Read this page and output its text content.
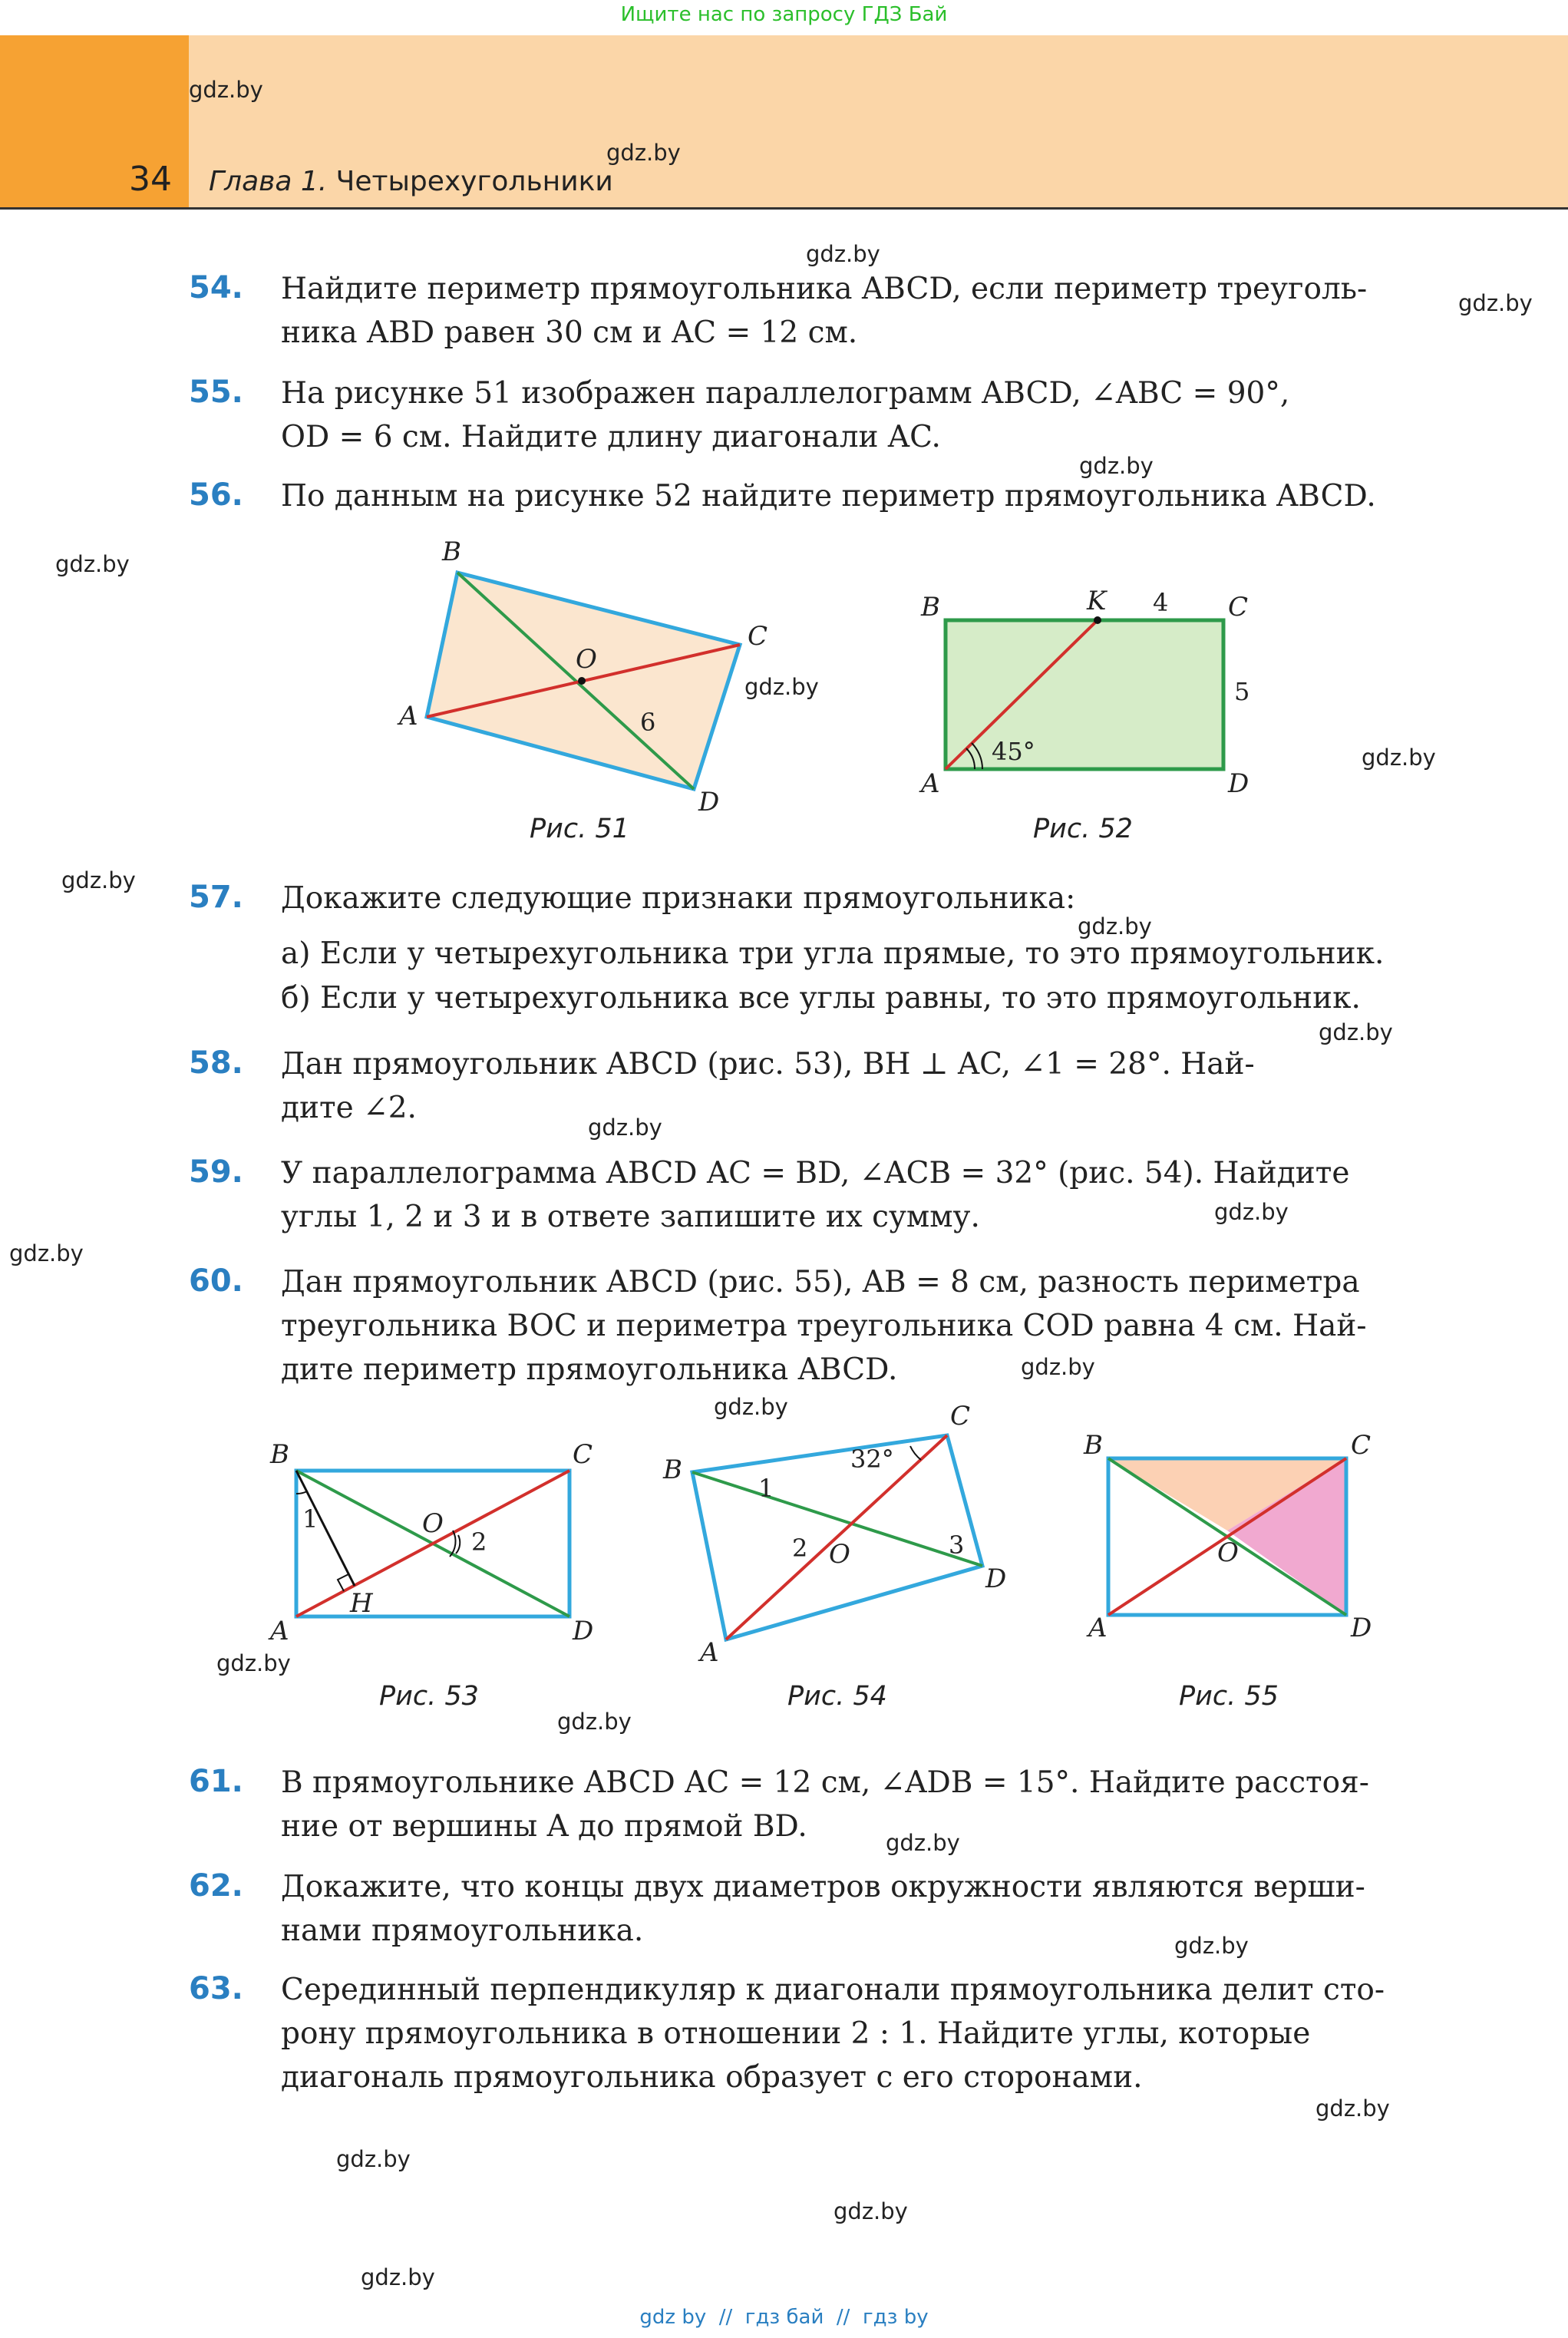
Ищите нас по запросу ГДЗ Бай
34 Глава 1. Четырехугольники
gdz.by
gdz.by
gdz.by
gdz.by
gdz.by
gdz.by
gdz.by
gdz.by
gdz.by
gdz.by
gdz.by
gdz.by
gdz.by
gdz.by
gdz.by
gdz.by
gdz.by
gdz.by
gdz.by
gdz.by
gdz.by
gdz.by
gdz.by
gdz.by
54. Найдите периметр прямоугольника ABCD, если периметр треуголь-
ника ABD равен 30 см и AC = 12 см.
55. На рисунке 51 изображен параллелограмм ABCD, ∠ABC = 90°,
OD = 6 см. Найдите длину диагонали AC.
56. По данным на рисунке 52 найдите периметр прямоугольника ABCD.
B
C
A
D
O
6
Рис. 51
B	K	C
A	D
4
5
45°
Рис. 52
57. Докажите следующие признаки прямоугольника:
а) Если у четырехугольника три угла прямые, то это прямоугольник.
б) Если у четырехугольника все углы равны, то это прямоугольник.
58. Дан прямоугольник ABCD (рис. 53), BH ⊥ AC, ∠1 = 28°. Най-
дите ∠2.
59. У параллелограмма ABCD AC = BD, ∠ACB = 32° (рис. 54). Найдите
углы 1, 2 и 3 и в ответе запишите их сумму.
60. Дан прямоугольник ABCD (рис. 55), AB = 8 см, разность периметра
треугольника BOC и периметра треугольника COD равна 4 см. Най-
дите периметр прямоугольника ABCD.
B	C
A	D
O
H
1
2
Рис. 53
C
B
D
A
O
32°
1
2	3
Рис. 54
B	C
A	D
O
Рис. 55
61. В прямоугольнике ABCD AC = 12 см, ∠ADB = 15°. Найдите расстоя-
ние от вершины A до прямой BD.
62. Докажите, что концы двух диаметров окружности являются верши-
нами прямоугольника.
63. Серединный перпендикуляр к диагонали прямоугольника делит сто-
рону прямоугольника в отношении 2 : 1. Найдите углы, которые
диагональ прямоугольника образует с его сторонами.
gdz by  //  гдз бай  //  гдз by
